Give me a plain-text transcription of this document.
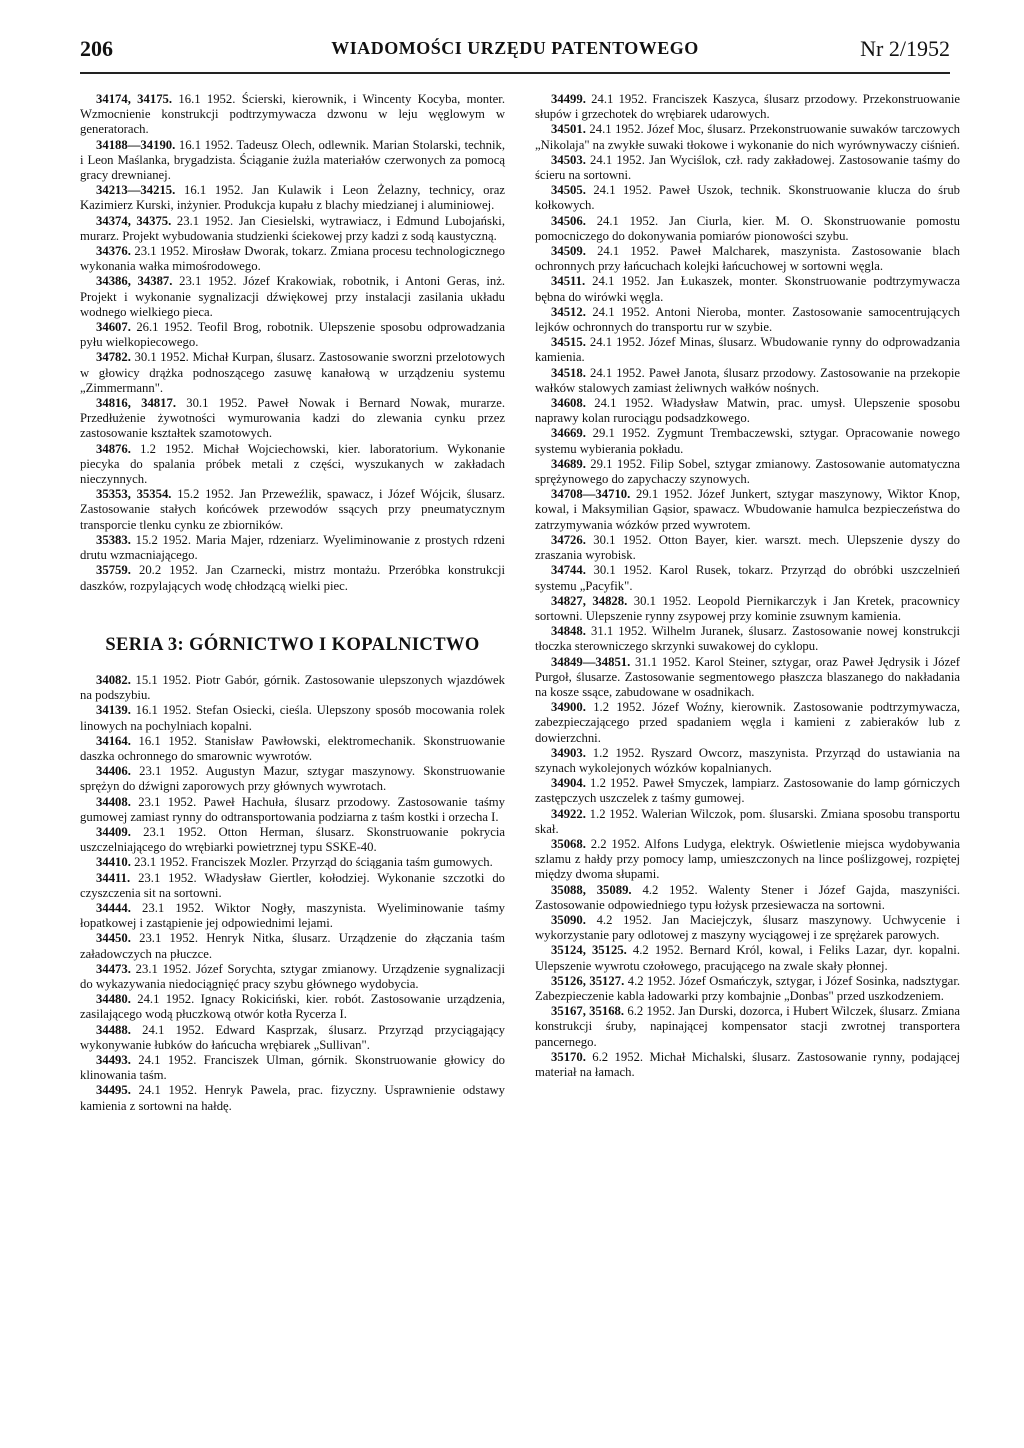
206	WIADOMOŚCI URZĘDU PATENTOWEGO	Nr 2/1952

34174, 34175. 16.1 1952. Ścierski, kierownik, i Wincenty Kocyba, monter. Wzmocnienie konstrukcji podtrzymywacza dzwonu w leju węglowym w generatorach.

34188—34190. 16.1 1952. Tadeusz Olech, odlewnik. Marian Stolarski, technik, i Leon Maślanka, brygadzista. Ściąganie żużla materiałów czerwonych za pomocą gracy drewnianej.

34213—34215. 16.1 1952. Jan Kulawik i Leon Żelazny, technicy, oraz Kazimierz Kurski, inżynier. Produkcja kupału z blachy miedzianej i aluminiowej.

34374, 34375. 23.1 1952. Jan Ciesielski, wytrawiacz, i Edmund Lubojański, murarz. Projekt wybudowania studzienki ściekowej przy kadzi z sodą kaustyczną.

34376. 23.1 1952. Mirosław Dworak, tokarz. Zmiana procesu technologicznego wykonania wałka mimośrodowego.

34386, 34387. 23.1 1952. Józef Krakowiak, robotnik, i Antoni Geras, inż. Projekt i wykonanie sygnalizacji dźwiękowej przy instalacji zasilania układu wodnego wielkiego pieca.

34607. 26.1 1952. Teofil Brog, robotnik. Ulepszenie sposobu odprowadzania pyłu wielkopiecowego.

34782. 30.1 1952. Michał Kurpan, ślusarz. Zastosowanie sworzni przelotowych w głowicy drążka podnoszącego zasuwę kanałową w urządzeniu systemu „Zimmermann".

34816, 34817. 30.1 1952. Paweł Nowak i Bernard Nowak, murarze. Przedłużenie żywotności wymurowania kadzi do zlewania cynku przez zastosowanie kształtek szamotowych.

34876. 1.2 1952. Michał Wojciechowski, kier. laboratorium. Wykonanie piecyka do spalania próbek metali z części, wyszukanych w zakładach nieczynnych.

35353, 35354. 15.2 1952. Jan Przeweźlik, spawacz, i Józef Wójcik, ślusarz. Zastosowanie stałych końcówek przewodów ssących przy pneumatycznym transporcie tlenku cynku ze zbiorników.

35383. 15.2 1952. Maria Majer, rdzeniarz. Wyeliminowanie z prostych rdzeni drutu wzmacniającego.

35759. 20.2 1952. Jan Czarnecki, mistrz montażu. Przeróbka konstrukcji daszków, rozpylających wodę chłodzącą wielki piec.

SERIA 3: GÓRNICTWO I KOPALNICTWO

34082. 15.1 1952. Piotr Gabór, górnik. Zastosowanie ulepszonych wjazdówek na podszybiu.

34139. 16.1 1952. Stefan Osiecki, cieśla. Ulepszony sposób mocowania rolek linowych na pochylniach kopalni.

34164. 16.1 1952. Stanisław Pawłowski, elektromechanik. Skonstruowanie daszka ochronnego do smarownic wywrotów.

34406. 23.1 1952. Augustyn Mazur, sztygar maszynowy. Skonstruowanie sprężyn do dźwigni zaporowych przy głównych wywrotach.

34408. 23.1 1952. Paweł Hachuła, ślusarz przodowy. Zastosowanie taśmy gumowej zamiast rynny do odtransportowania podziarna z taśm kostki i orzecha I.

34409. 23.1 1952. Otton Herman, ślusarz. Skonstruowanie pokrycia uszczelniającego do wrębiarki powietrznej typu SSKE-40.

34410. 23.1 1952. Franciszek Mozler. Przyrząd do ściągania taśm gumowych.

34411. 23.1 1952. Władysław Giertler, kołodziej. Wykonanie szczotki do czyszczenia sit na sortowni.

34444. 23.1 1952. Wiktor Nogły, maszynista. Wyeliminowanie taśmy łopatkowej i zastąpienie jej odpowiednimi lejami.

34450. 23.1 1952. Henryk Nitka, ślusarz. Urządzenie do złączania taśm załadowczych na płuczce.

34473. 23.1 1952. Józef Sorychta, sztygar zmianowy. Urządzenie sygnalizacji do wykazywania niedociągnięć pracy szybu głównego wydobycia.

34480. 24.1 1952. Ignacy Rokiciński, kier. robót. Zastosowanie urządzenia, zasilającego wodą płuczkową otwór kotła Rycerza I.

34488. 24.1 1952. Edward Kasprzak, ślusarz. Przyrząd przyciągający wykonywanie łubków do łańcucha wrębiarek „Sullivan".

34493. 24.1 1952. Franciszek Ulman, górnik. Skonstruowanie głowicy do klinowania taśm.

34495. 24.1 1952. Henryk Pawela, prac. fizyczny. Usprawnienie odstawy kamienia z sortowni na hałdę.

34499. 24.1 1952. Franciszek Kaszyca, ślusarz przodowy. Przekonstruowanie słupów i grzechotek do wrębiarek udarowych.

34501. 24.1 1952. Józef Moc, ślusarz. Przekonstruowanie suwaków tarczowych „Nikolaja" na zwykłe suwaki tłokowe i wykonanie do nich wyrównywaczy ciśnień.

34503. 24.1 1952. Jan Wyciślok, czł. rady zakładowej. Zastosowanie taśmy do ścieru na sortowni.

34505. 24.1 1952. Paweł Uszok, technik. Skonstruowanie klucza do śrub kołkowych.

34506. 24.1 1952. Jan Ciurla, kier. M. O. Skonstruowanie pomostu pomocniczego do dokonywania pomiarów pionowości szybu.

34509. 24.1 1952. Paweł Malcharek, maszynista. Zastosowanie blach ochronnych przy łańcuchach kolejki łańcuchowej w sortowni węgla.

34511. 24.1 1952. Jan Łukaszek, monter. Skonstruowanie podtrzymywacza bębna do wirówki węgla.

34512. 24.1 1952. Antoni Nieroba, monter. Zastosowanie samocentrujących lejków ochronnych do transportu rur w szybie.

34515. 24.1 1952. Józef Minas, ślusarz. Wbudowanie rynny do odprowadzania kamienia.

34518. 24.1 1952. Paweł Janota, ślusarz przodowy. Zastosowanie na przekopie wałków stalowych zamiast żeliwnych wałków nośnych.

34608. 24.1 1952. Władysław Matwin, prac. umysł. Ulepszenie sposobu naprawy kolan rurociągu podsadzkowego.

34669. 29.1 1952. Zygmunt Trembaczewski, sztygar. Opracowanie nowego systemu wybierania pokładu.

34689. 29.1 1952. Filip Sobel, sztygar zmianowy. Zastosowanie automatyczna sprężynowego do zapychaczy szynowych.

34708—34710. 29.1 1952. Józef Junkert, sztygar maszynowy, Wiktor Knop, kowal, i Maksymilian Gąsior, spawacz. Wbudowanie hamulca bezpieczeństwa do zatrzymywania wózków przed wywrotem.

34726. 30.1 1952. Otton Bayer, kier. warszt. mech. Ulepszenie dyszy do zraszania wyrobisk.

34744. 30.1 1952. Karol Rusek, tokarz. Przyrząd do obróbki uszczelnień systemu „Pacyfik".

34827, 34828. 30.1 1952. Leopold Piernikarczyk i Jan Kretek, pracownicy sortowni. Ulepszenie rynny zsypowej przy kominie zsuwnym kamienia.

34848. 31.1 1952. Wilhelm Juranek, ślusarz. Zastosowanie nowej konstrukcji tłoczka sterowniczego skrzynki suwakowej do cyklopu.

34849—34851. 31.1 1952. Karol Steiner, sztygar, oraz Paweł Jędrysik i Józef Purgoł, ślusarze. Zastosowanie segmentowego płaszcza blaszanego do nakładania na kosze ssące, zabudowane w osadnikach.

34900. 1.2 1952. Józef Woźny, kierownik. Zastosowanie podtrzymywacza, zabezpieczającego przed spadaniem węgla i kamieni z zabieraków lub z dowierzchni.

34903. 1.2 1952. Ryszard Owcorz, maszynista. Przyrząd do ustawiania na szynach wykolejonych wózków kopalnianych.

34904. 1.2 1952. Paweł Smyczek, lampiarz. Zastosowanie do lamp górniczych zastępczych uszczelek z taśmy gumowej.

34922. 1.2 1952. Walerian Wilczok, pom. ślusarski. Zmiana sposobu transportu skał.

35068. 2.2 1952. Alfons Ludyga, elektryk. Oświetlenie miejsca wydobywania szlamu z hałdy przy pomocy lamp, umieszczonych na lince poślizgowej, rozpiętej między dwoma słupami.

35088, 35089. 4.2 1952. Walenty Stener i Józef Gajda, maszyniści. Zastosowanie odpowiedniego typu łożysk przesiewacza na sortowni.

35090. 4.2 1952. Jan Maciejczyk, ślusarz maszynowy. Uchwycenie i wykorzystanie pary odlotowej z maszyny wyciągowej i ze sprężarek parowych.

35124, 35125. 4.2 1952. Bernard Król, kowal, i Feliks Lazar, dyr. kopalni. Ulepszenie wywrotu czołowego, pracującego na zwale skały płonnej.

35126, 35127. 4.2 1952. Józef Osmańczyk, sztygar, i Józef Sosinka, nadsztygar. Zabezpieczenie kabla ładowarki przy kombajnie „Donbas" przed uszkodzeniem.

35167, 35168. 6.2 1952. Jan Durski, dozorca, i Hubert Wilczek, ślusarz. Zmiana konstrukcji śruby, napinającej kompensator stacji zwrotnej transportera pancernego.

35170. 6.2 1952. Michał Michalski, ślusarz. Zastosowanie rynny, podającej materiał na łamach.
